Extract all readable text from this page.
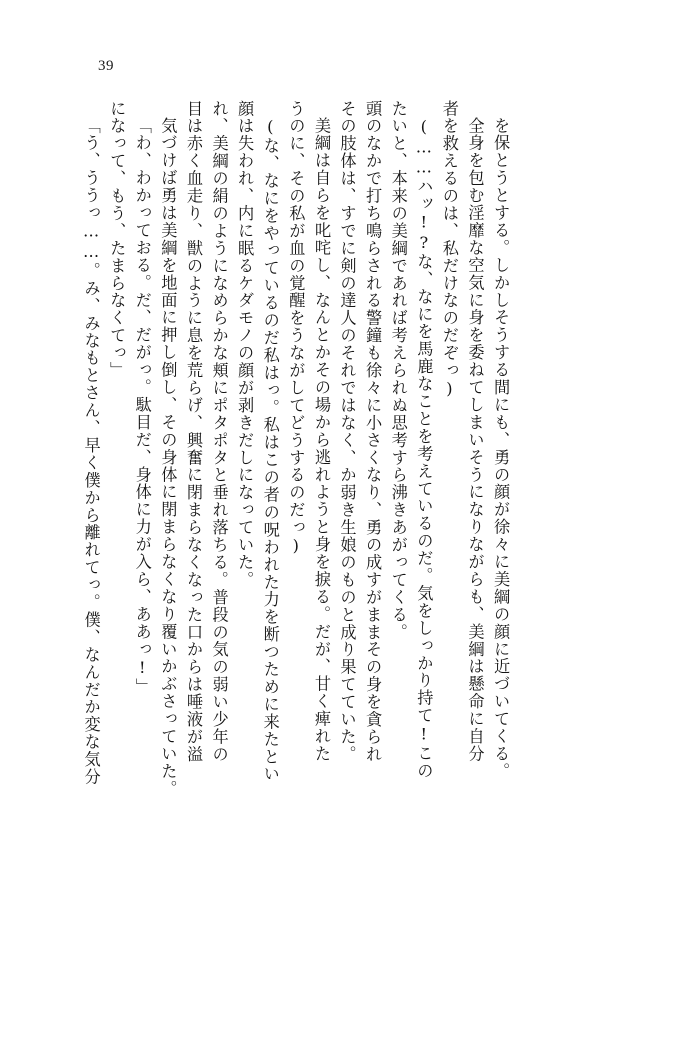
39
「う、ううっ……。み、みなもとさん、早く僕から離れてっ。僕、なんだか変な気分 になって、もう、たまらなくてっ」 「わ、わかっておる。だ、だがっ。駄目だ、身体に力が入ら、ああっ!」 気づけば勇は美綱を地面に押し倒し、その身体に閉まらなくなり覆いかぶさっていた。 目は赤く血走り、獣のように息を荒らげ、興奮に閉まらなくなった口からは唾液が溢 れ、美綱の絹のようになめらかな頬にポタポタと垂れ落ちる。普段の気の弱い少年の 顔は失われ、内に眠るケダモノの顔が剥きだしになっていた。 (な、なにをやっているのだ私はっ。私はこの者の呪われた力を断つために来たとい うのに、その私が血の覚醒をうながしてどうするのだっ) 美綱は自らを叱咤し、なんとかその場から逃れようと身を捩る。だが、甘く痺れた その肢体は、すでに剣の達人のそれではなく、か弱き生娘のものと成り果てていた。 頭のなかで打ち鳴らされる警鐘も徐々に小さくなり、勇の成すがままその身を貪られ たいと、本来の美綱であれば考えられぬ思考すら沸きあがってくる。 (……ハッ!?な、なにを馬鹿なことを考えているのだ。気をしっかり持て!この 者を救えるのは、私だけなのだぞっ) 全身を包む淫靡な空気に身を委ねてしまいそうになりながらも、美綱は懸命に自分 を保とうとする。しかしそうする間にも、勇の顔が徐々に美綱の顔に近づいてくる。
